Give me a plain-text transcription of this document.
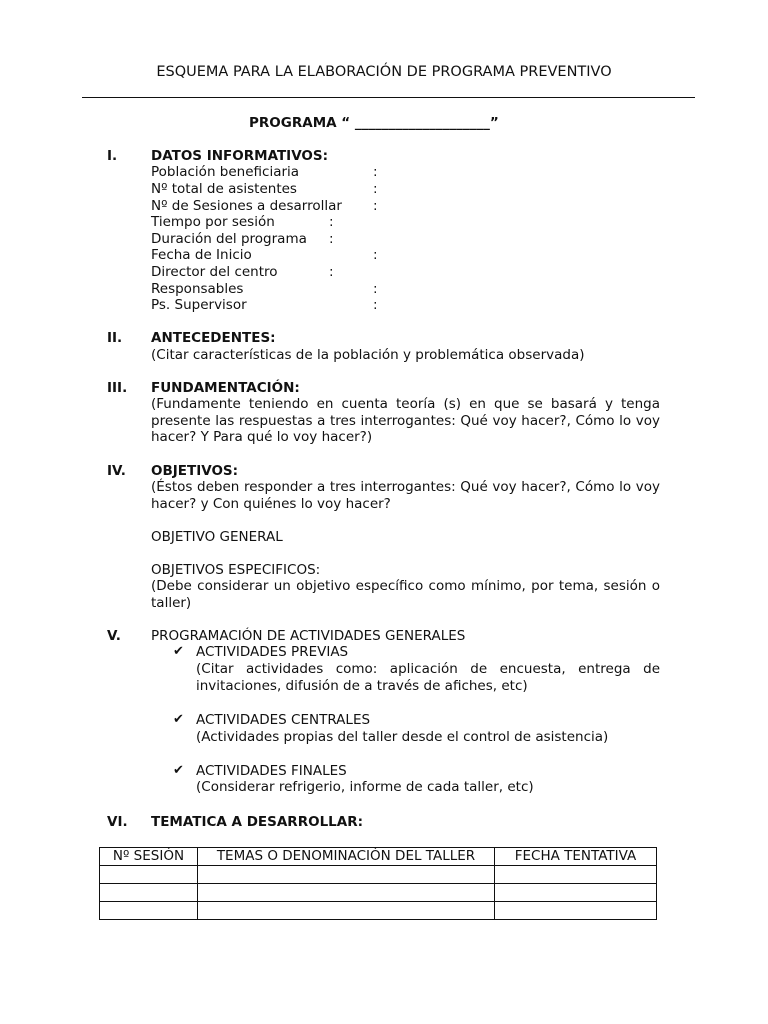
ESQUEMA PARA LA ELABORACIÓN DE PROGRAMA PREVENTIVO
PROGRAMA “ ____________________”
I.	DATOS INFORMATIVOS:
Población beneficiaria	:
Nº total de asistentes	:
Nº de Sesiones a desarrollar :
Tiempo por sesión	:
Duración del programa :
Fecha de Inicio	:
Director del centro	:
Responsables	:
Ps. Supervisor	:
II. ANTECEDENTES:
(Citar características de la población y problemática observada)
III. FUNDAMENTACIÓN:
(Fundamente teniendo en cuenta teoría (s) en que se basará y tenga presente las respuestas a tres interrogantes: Qué voy hacer?, Cómo lo voy hacer? Y Para qué lo voy hacer?)
IV. OBJETIVOS:
(Éstos deben responder a tres interrogantes: Qué voy hacer?, Cómo lo voy hacer? y Con quiénes lo voy hacer?
OBJETIVO GENERAL
OBJETIVOS ESPECIFICOS:
(Debe considerar un objetivo específico como mínimo, por tema, sesión o taller)
V. PROGRAMACIÓN DE ACTIVIDADES GENERALES
✔ ACTIVIDADES PREVIAS
(Citar actividades como: aplicación de encuesta, entrega de invitaciones, difusión de a través de afiches, etc)
✔ ACTIVIDADES CENTRALES
(Actividades propias del taller desde el control de asistencia)
✔ ACTIVIDADES FINALES
(Considerar refrigerio, informe de cada taller, etc)
VI. TEMATICA A DESARROLLAR:
Nº SESIÓN	TEMAS O DENOMINACIÓN DEL TALLER	FECHA TENTATIVA
